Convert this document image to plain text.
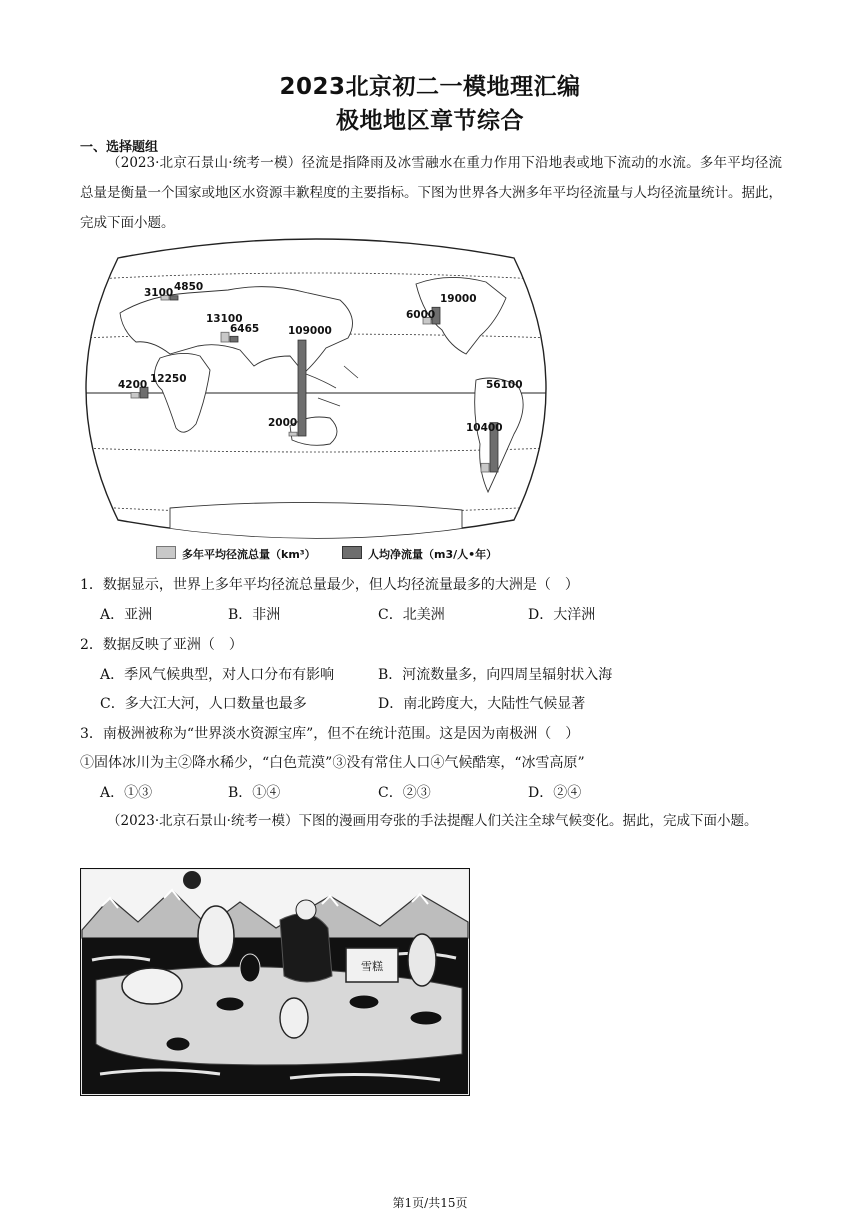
2023北京初二一模地理汇编
极地地区章节综合
一、选择题组

（2023·北京石景山·统考一模）径流是指降雨及冰雪融水在重力作用下沿地表或地下流动的水流。多年平均径流总量是衡量一个国家或地区水资源丰歉程度的主要指标。下图为世界各大洲多年平均径流量与人均径流量统计。据此，完成下面小题。

3100 4850
13100
6465
4200 12250
2000
109000
6000
19000
10400
56100
多年平均径流总量（km³）	人均净流量（m3/人•年）
1．数据显示，世界上多年平均径流总量最少，但人均径流量最多的大洲是（　）
A．亚洲	B．非洲	C．北美洲	D．大洋洲
2．数据反映了亚洲（　）
A．季风气候典型，对人口分布有影响	B．河流数量多，向四周呈辐射状入海
C．多大江大河，人口数量也最多	D．南北跨度大，大陆性气候显著
3．南极洲被称为“世界淡水资源宝库”，但不在统计范围。这是因为南极洲（　）
①固体冰川为主②降水稀少，“白色荒漠”③没有常住人口④气候酷寒，“冰雪高原”
A．①③	B．①④	C．②③	D．②④

（2023·北京石景山·统考一模）下图的漫画用夸张的手法提醒人们关注全球气候变化。据此，完成下面小题。

雪糕
第1页/共15页
